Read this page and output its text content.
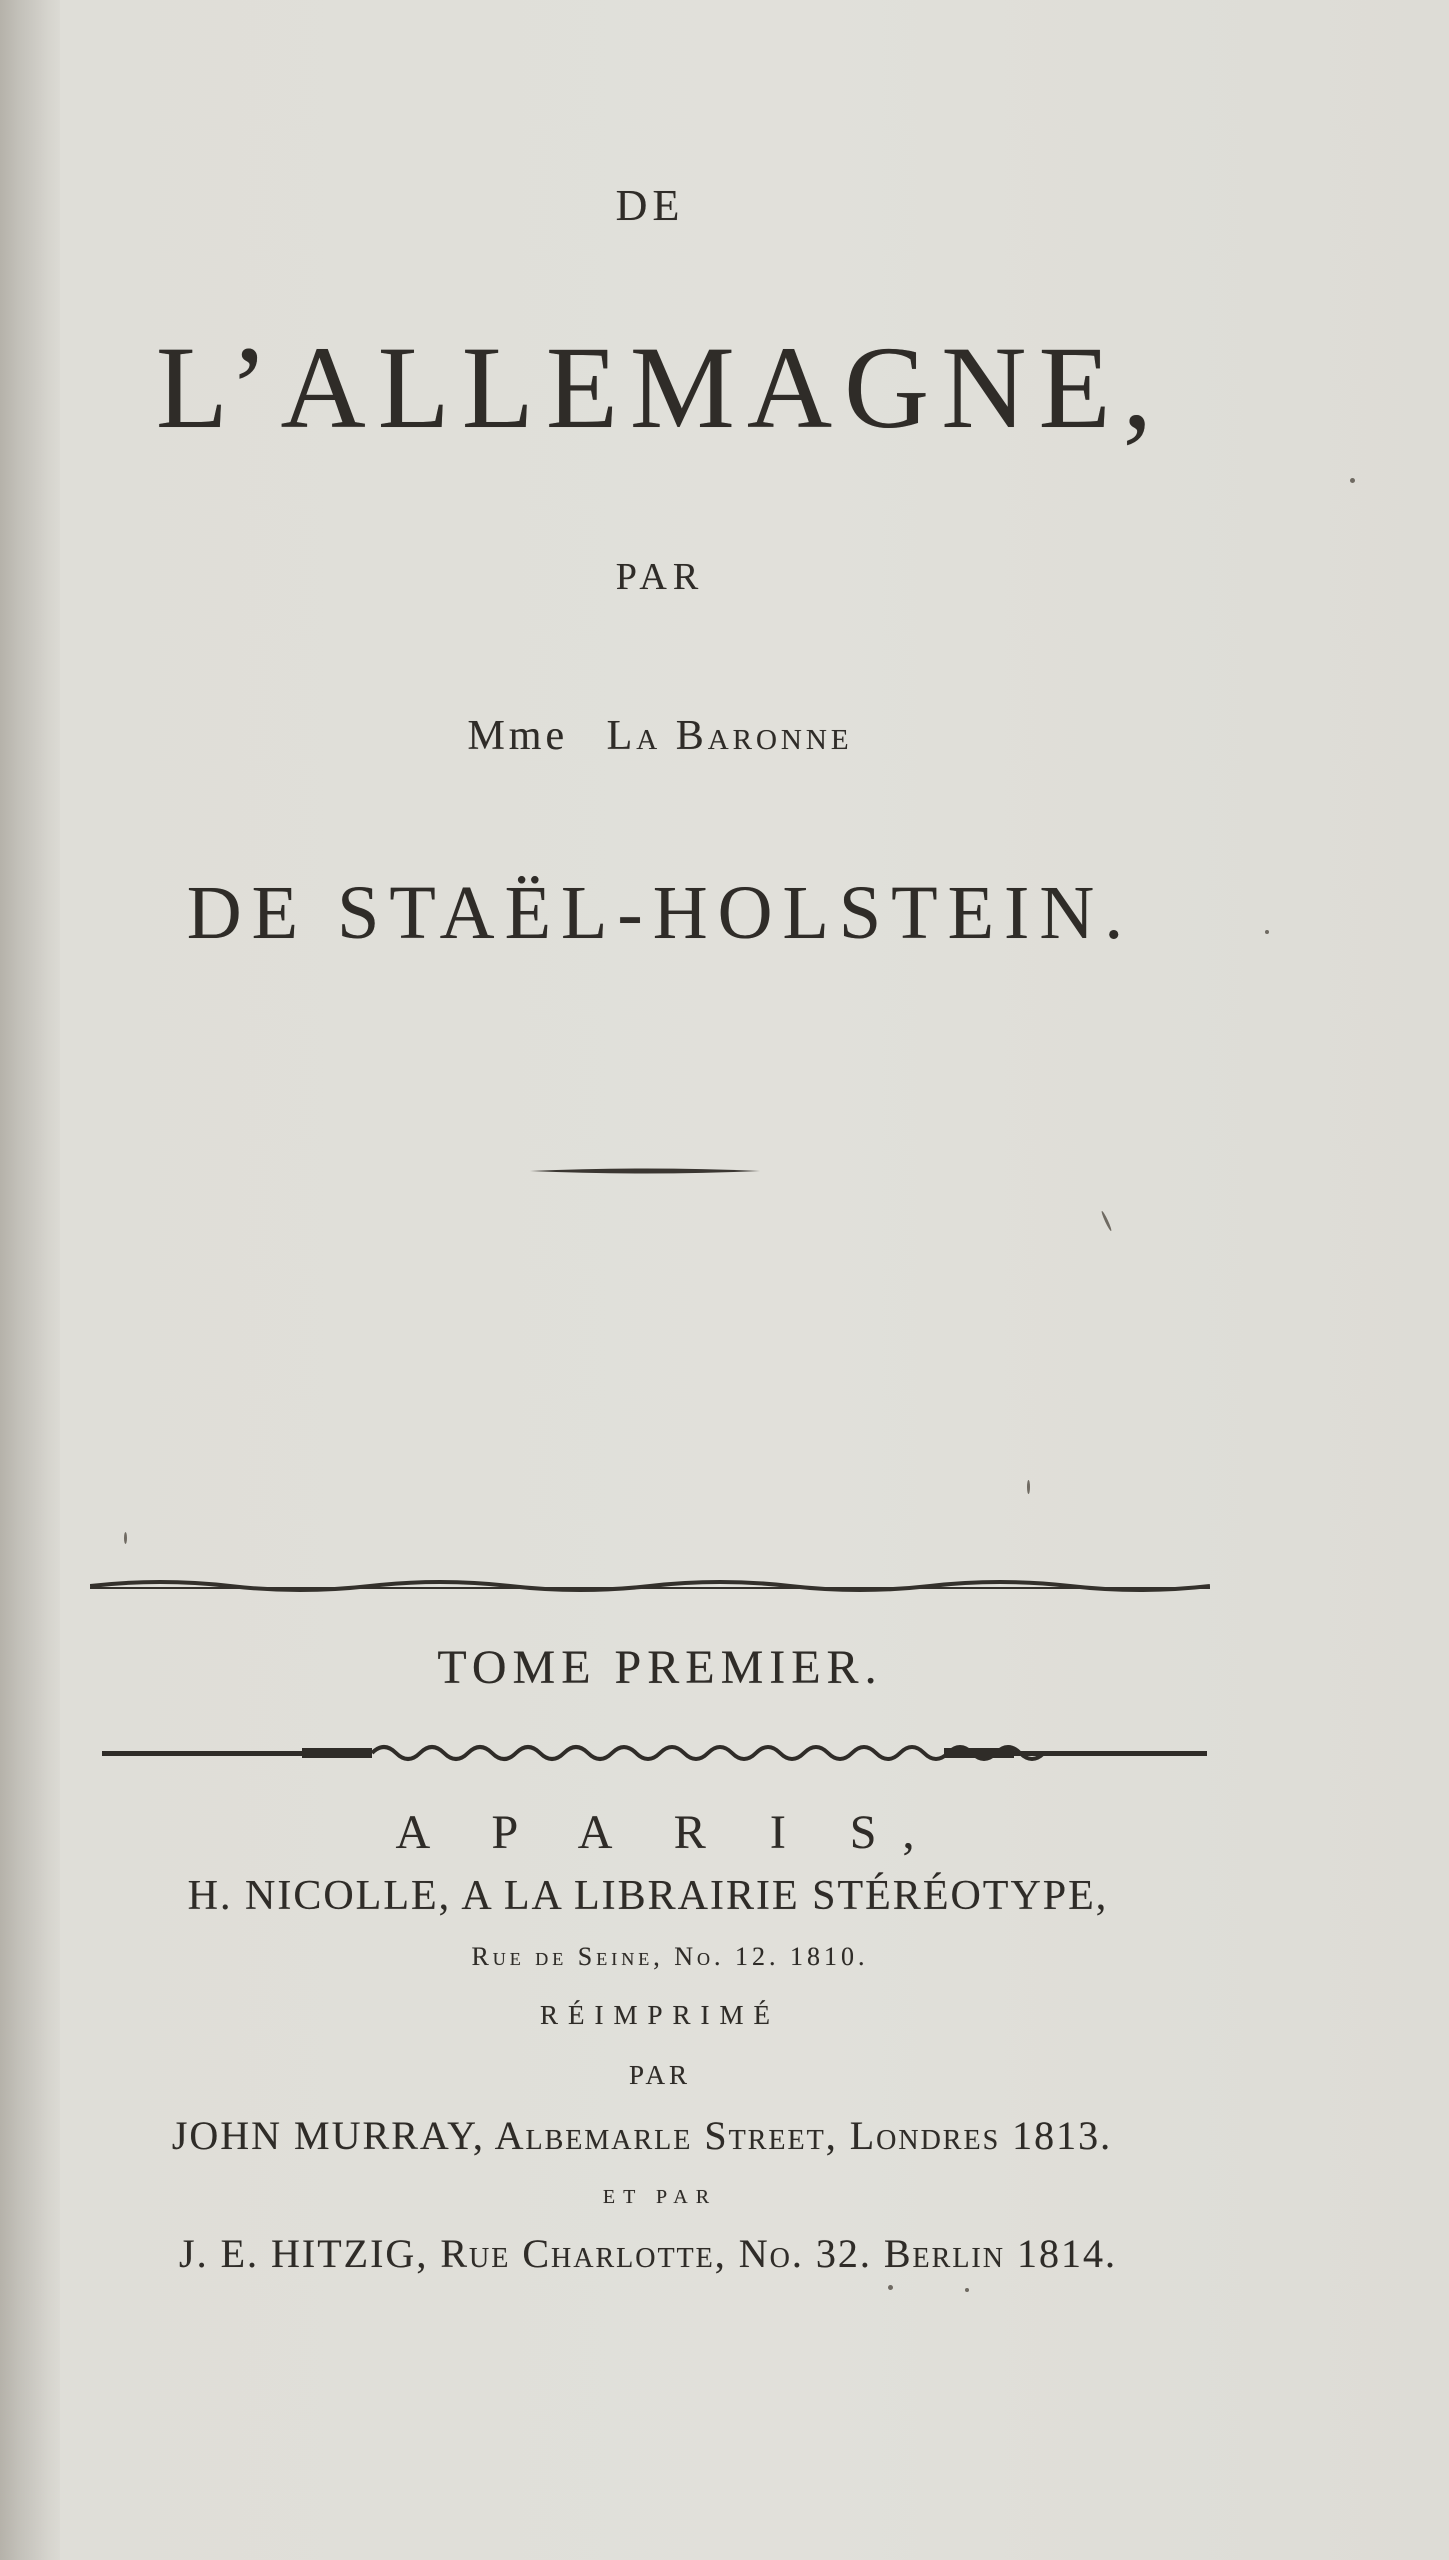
DE
L’ALLEMAGNE,
PAR
Mme La Baronne
DE STAËL-HOLSTEIN.
TOME PREMIER.
A P A R I S,
H. NICOLLE, A LA LIBRAIRIE STÉRÉOTYPE,
Rue de Seine, No. 12. 1810.
RÉIMPRIMÉ
PAR
JOHN MURRAY, Albemarle Street, Londres 1813.
ET PAR
J. E. HITZIG, Rue Charlotte, No. 32. Berlin 1814.
